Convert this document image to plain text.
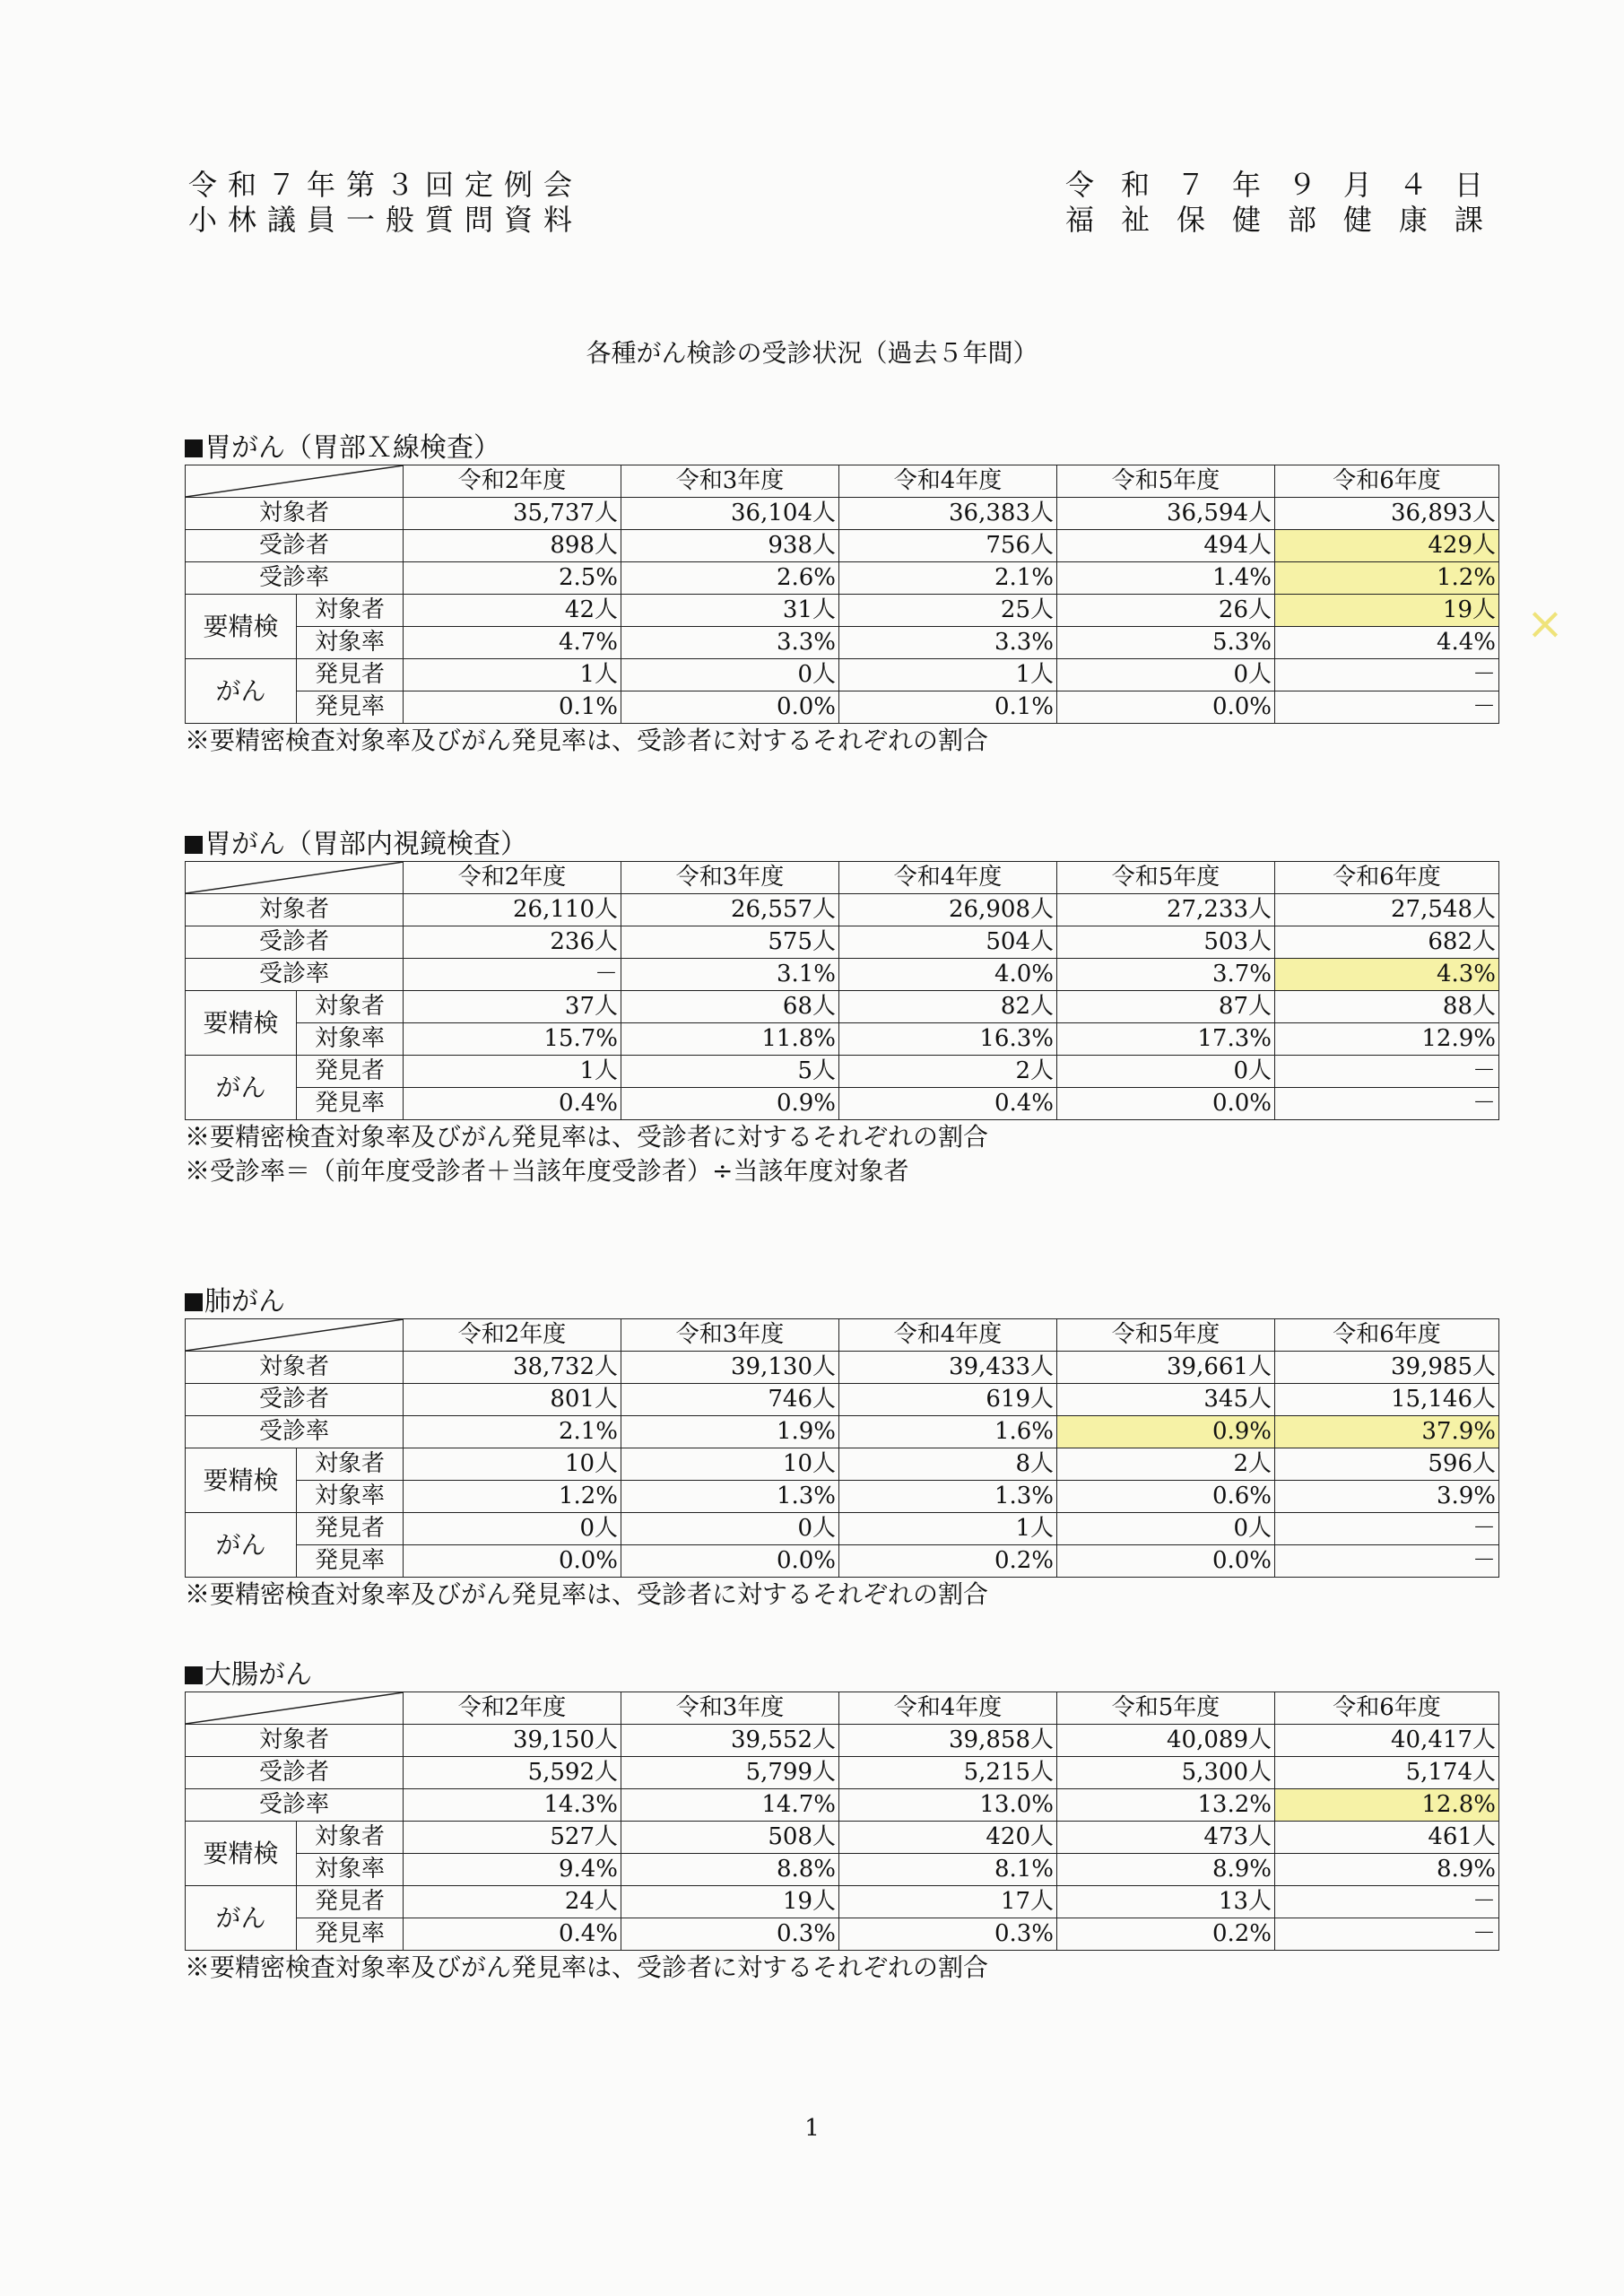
令和７年第３回定例会
小林議員一般質問資料
令 和 ７ 年 ９ 月 ４ 日
福 祉 保 健 部 健 康 課
各種がん検診の受診状況（過去５年間）
胃がん（胃部Ｘ線検査）
	令和2年度	令和3年度	令和4年度	令和5年度	令和6年度
対象者		35,737人	36,104人	36,383人	36,594人	36,893人
受診者		898人	938人	756人	494人	429人
受診率		2.5%	2.6%	2.1%	1.4%	1.2%
要精検	対象者	42人	31人	25人	26人	19人
	対象率	4.7%	3.3%	3.3%	5.3%	4.4%
がん	発見者	1人	0人	1人	0人	－
	発見率	0.1%	0.0%	0.1%	0.0%	－
※要精密検査対象率及びがん発見率は、受診者に対するそれぞれの割合
胃がん（胃部内視鏡検査）
	令和2年度	令和3年度	令和4年度	令和5年度	令和6年度
対象者		26,110人	26,557人	26,908人	27,233人	27,548人
受診者		236人	575人	504人	503人	682人
受診率		－	3.1%	4.0%	3.7%	4.3%
要精検	対象者	37人	68人	82人	87人	88人
	対象率	15.7%	11.8%	16.3%	17.3%	12.9%
がん	発見者	1人	5人	2人	0人	－
	発見率	0.4%	0.9%	0.4%	0.0%	－
※要精密検査対象率及びがん発見率は、受診者に対するそれぞれの割合
※受診率＝（前年度受診者＋当該年度受診者）÷当該年度対象者
肺がん
	令和2年度	令和3年度	令和4年度	令和5年度	令和6年度
対象者		38,732人	39,130人	39,433人	39,661人	39,985人
受診者		801人	746人	619人	345人	15,146人
受診率		2.1%	1.9%	1.6%	0.9%	37.9%
要精検	対象者	10人	10人	8人	2人	596人
	対象率	1.2%	1.3%	1.3%	0.6%	3.9%
がん	発見者	0人	0人	1人	0人	－
	発見率	0.0%	0.0%	0.2%	0.0%	－
※要精密検査対象率及びがん発見率は、受診者に対するそれぞれの割合
大腸がん
	令和2年度	令和3年度	令和4年度	令和5年度	令和6年度
対象者		39,150人	39,552人	39,858人	40,089人	40,417人
受診者		5,592人	5,799人	5,215人	5,300人	5,174人
受診率		14.3%	14.7%	13.0%	13.2%	12.8%
要精検	対象者	527人	508人	420人	473人	461人
	対象率	9.4%	8.8%	8.1%	8.9%	8.9%
がん	発見者	24人	19人	17人	13人	－
	発見率	0.4%	0.3%	0.3%	0.2%	－
※要精密検査対象率及びがん発見率は、受診者に対するそれぞれの割合
×
1
